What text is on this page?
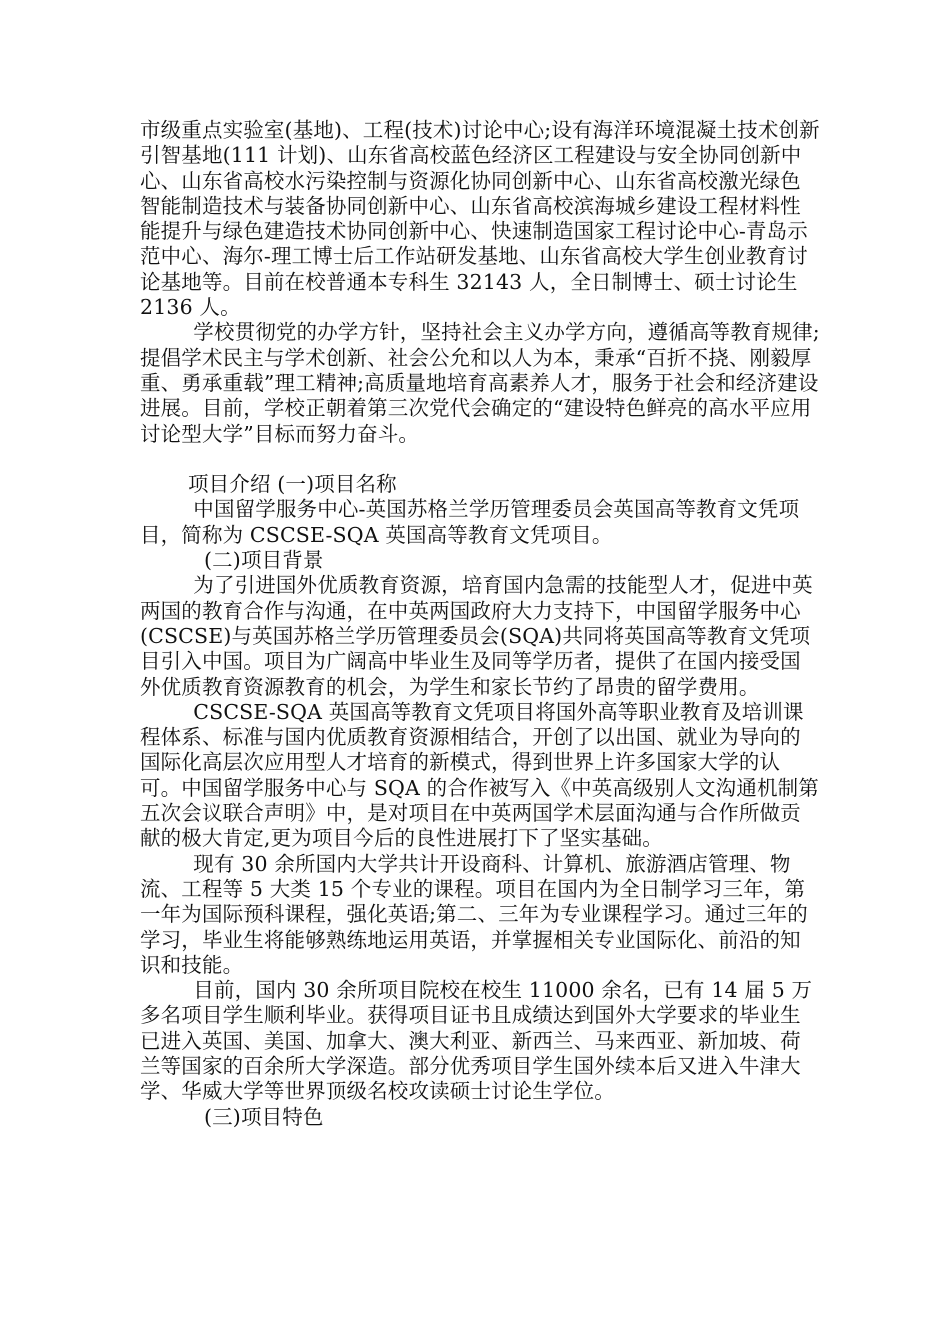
市级重点实验室(基地)、工程(技术)讨论中心;设有海洋环境混凝土技术创新引智基地(111 计划)、山东省高校蓝色经济区工程建设与安全协同创新中心、山东省高校水污染控制与资源化协同创新中心、山东省高校激光绿色智能制造技术与装备协同创新中心、山东省高校滨海城乡建设工程材料性能提升与绿色建造技术协同创新中心、快速制造国家工程讨论中心-青岛示范中心、海尔-理工博士后工作站研发基地、山东省高校大学生创业教育讨论基地等。目前在校普通本专科生 32143 人，全日制博士、硕士讨论生 2136 人。

学校贯彻党的办学方针，坚持社会主义办学方向，遵循高等教育规律;提倡学术民主与学术创新、社会公允和以人为本，秉承“百折不挠、刚毅厚重、勇承重载”理工精神;高质量地培育高素养人才，服务于社会和经济建设进展。目前，学校正朝着第三次党代会确定的“建设特色鲜亮的高水平应用讨论型大学”目标而努力奋斗。

项目介绍 (一)项目名称

中国留学服务中心-英国苏格兰学历管理委员会英国高等教育文凭项目，简称为 CSCSE-SQA 英国高等教育文凭项目。

(二)项目背景

为了引进国外优质教育资源，培育国内急需的技能型人才，促进中英两国的教育合作与沟通，在中英两国政府大力支持下，中国留学服务中心(CSCSE)与英国苏格兰学历管理委员会(SQA)共同将英国高等教育文凭项目引入中国。项目为广阔高中毕业生及同等学历者，提供了在国内接受国外优质教育资源教育的机会，为学生和家长节约了昂贵的留学费用。

CSCSE-SQA 英国高等教育文凭项目将国外高等职业教育及培训课程体系、标准与国内优质教育资源相结合，开创了以出国、就业为导向的国际化高层次应用型人才培育的新模式，得到世界上许多国家大学的认可。中国留学服务中心与 SQA 的合作被写入《中英高级别人文沟通机制第五次会议联合声明》中，是对项目在中英两国学术层面沟通与合作所做贡献的极大肯定,更为项目今后的良性进展打下了坚实基础。

现有 30 余所国内大学共计开设商科、计算机、旅游酒店管理、物流、工程等 5 大类 15 个专业的课程。项目在国内为全日制学习三年，第一年为国际预科课程，强化英语;第二、三年为专业课程学习。通过三年的学习，毕业生将能够熟练地运用英语，并掌握相关专业国际化、前沿的知识和技能。

目前，国内 30 余所项目院校在校生 11000 余名，已有 14 届 5 万多名项目学生顺利毕业。获得项目证书且成绩达到国外大学要求的毕业生已进入英国、美国、加拿大、澳大利亚、新西兰、马来西亚、新加坡、荷兰等国家的百余所大学深造。部分优秀项目学生国外续本后又进入牛津大学、华威大学等世界顶级名校攻读硕士讨论生学位。

(三)项目特色
